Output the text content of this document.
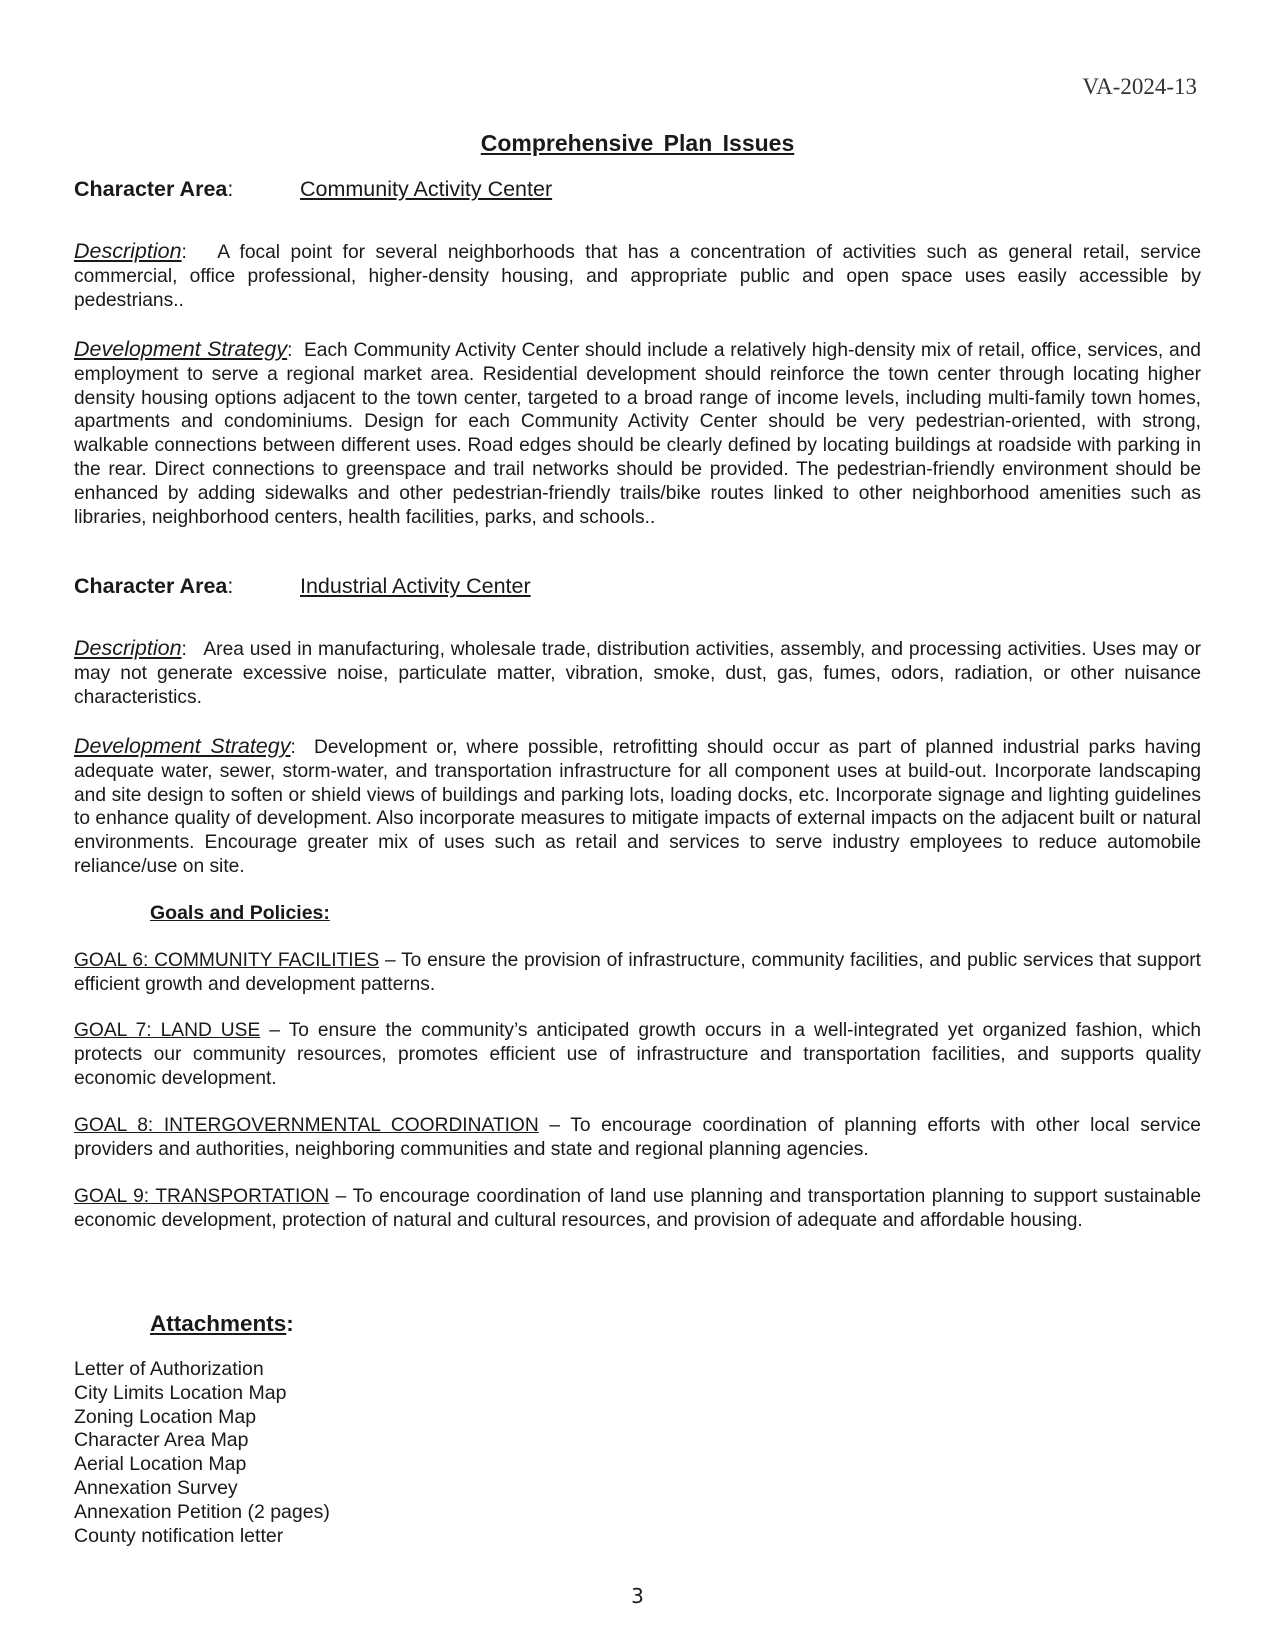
VA-2024-13
Comprehensive Plan Issues
Character Area:	Community Activity Center
Description:   A focal point for several neighborhoods that has a concentration of activities such as general retail, service commercial, office professional, higher-density housing, and appropriate public and open space uses easily accessible by pedestrians..
Development Strategy:  Each Community Activity Center should include a relatively high-density mix of retail, office, services, and employment to serve a regional market area. Residential development should reinforce the town center through locating higher density housing options adjacent to the town center, targeted to a broad range of income levels, including multi-family town homes, apartments and condominiums. Design for each Community Activity Center should be very pedestrian-oriented, with strong, walkable connections between different uses. Road edges should be clearly defined by locating buildings at roadside with parking in the rear. Direct connections to greenspace and trail networks should be provided. The pedestrian-friendly environment should be enhanced by adding sidewalks and other pedestrian-friendly trails/bike routes linked to other neighborhood amenities such as libraries, neighborhood centers, health facilities, parks, and schools..
Character Area:	Industrial Activity Center
Description:   Area used in manufacturing, wholesale trade, distribution activities, assembly, and processing activities. Uses may or may not generate excessive noise, particulate matter, vibration, smoke, dust, gas, fumes, odors, radiation, or other nuisance characteristics.
Development Strategy:  Development or, where possible, retrofitting should occur as part of planned industrial parks having adequate water, sewer, storm-water, and transportation infrastructure for all component uses at build-out. Incorporate landscaping and site design to soften or shield views of buildings and parking lots, loading docks, etc. Incorporate signage and lighting guidelines to enhance quality of development. Also incorporate measures to mitigate impacts of external impacts on the adjacent built or natural environments. Encourage greater mix of uses such as retail and services to serve industry employees to reduce automobile reliance/use on site.
Goals and Policies:
GOAL 6: COMMUNITY FACILITIES – To ensure the provision of infrastructure, community facilities, and public services that support efficient growth and development patterns.
GOAL 7: LAND USE – To ensure the community’s anticipated growth occurs in a well-integrated yet organized fashion, which protects our community resources, promotes efficient use of infrastructure and transportation facilities, and supports quality economic development.
GOAL 8: INTERGOVERNMENTAL COORDINATION – To encourage coordination of planning efforts with other local service providers and authorities, neighboring communities and state and regional planning agencies.
GOAL 9: TRANSPORTATION – To encourage coordination of land use planning and transportation planning to support sustainable economic development, protection of natural and cultural resources, and provision of adequate and affordable housing.
Attachments:
Letter of Authorization
City Limits Location Map
Zoning Location Map
Character Area Map
Aerial Location Map
Annexation Survey
Annexation Petition (2 pages)
County notification letter
3
